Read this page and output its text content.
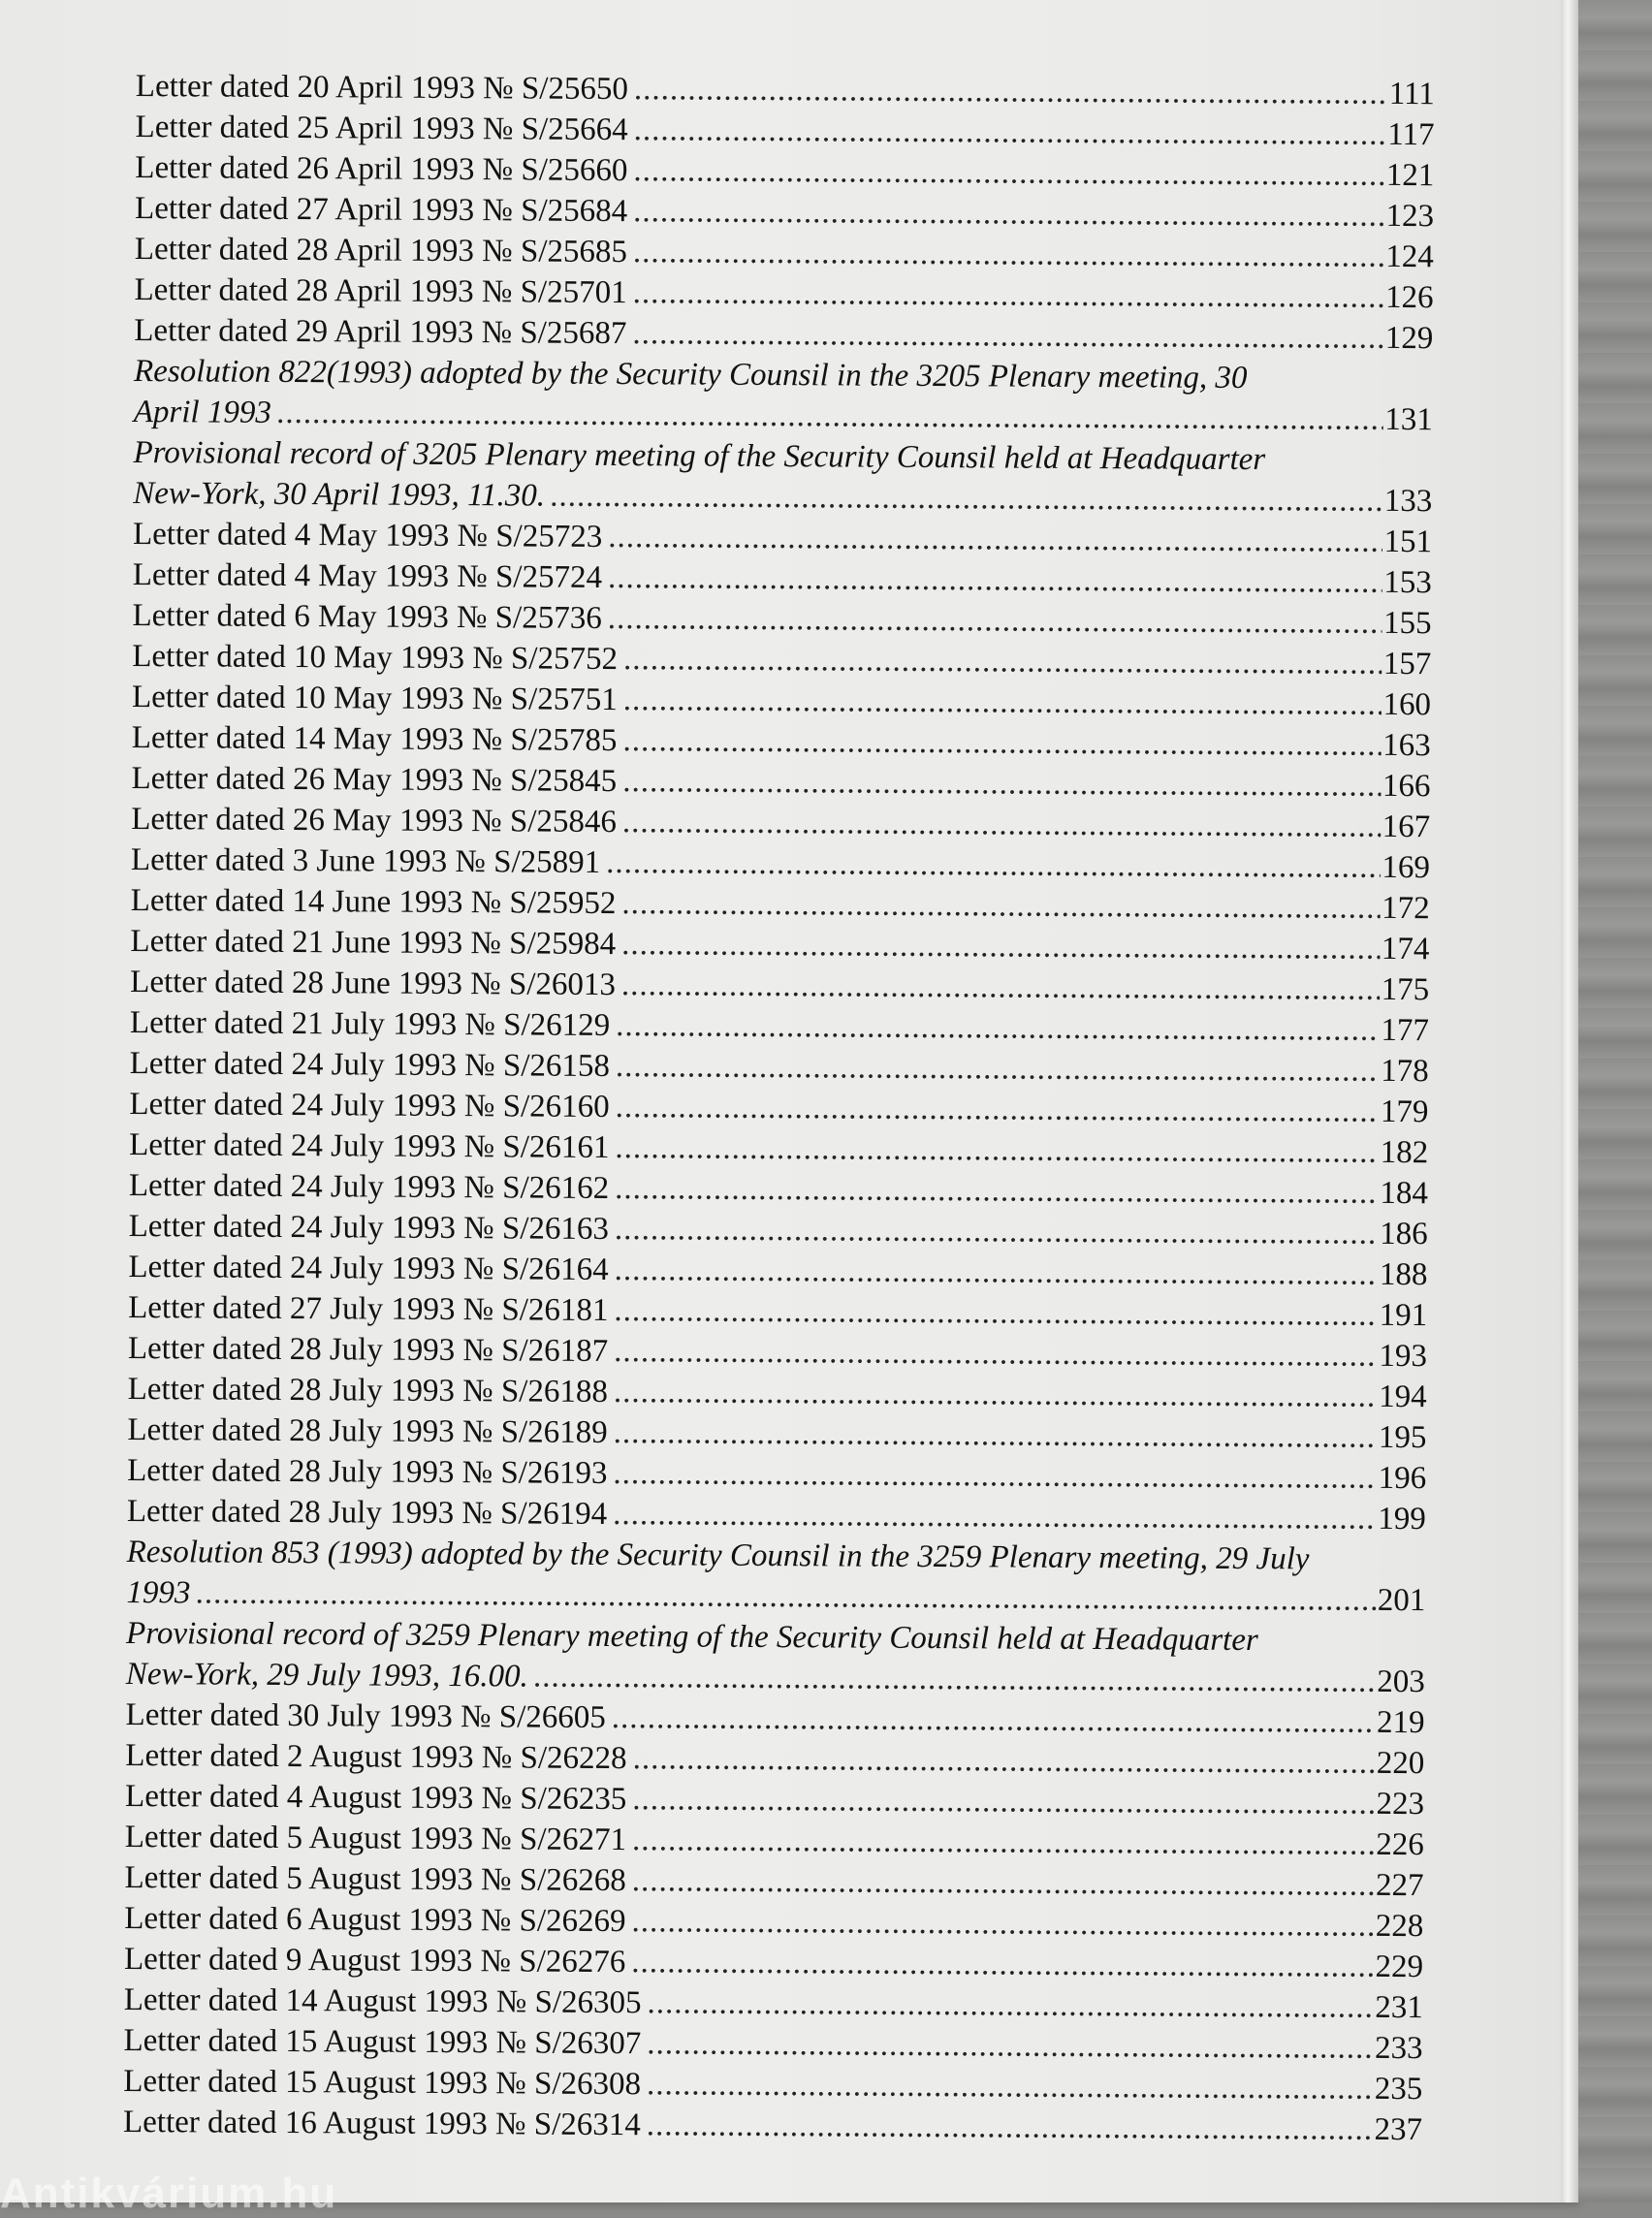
Letter dated 20 April 1993 № S/25650 .....	111
Letter dated 25 April 1993 № S/25664 .....	117
Letter dated 26 April 1993 № S/25660 .....	121
Letter dated 27 April 1993 № S/25684 .....	123
Letter dated 28 April 1993 № S/25685 .....	124
Letter dated 28 April 1993 № S/25701 .....	126
Letter dated 29 April 1993 № S/25687 .....	129
Resolution 822(1993) adopted by the Security Counsil in the 3205 Plenary meeting, 30
April 1993 .....	131
Provisional record of 3205 Plenary meeting of the Security Counsil held at Headquarter
New-York, 30 April 1993, 11.30. .....	133
Letter dated 4 May 1993 № S/25723 .....	151
Letter dated 4 May 1993 № S/25724 .....	153
Letter dated 6 May 1993 № S/25736 .....	155
Letter dated 10 May 1993 № S/25752 .....	157
Letter dated 10 May 1993 № S/25751 .....	160
Letter dated 14 May 1993 № S/25785 .....	163
Letter dated 26 May 1993 № S/25845 .....	166
Letter dated 26 May 1993 № S/25846 .....	167
Letter dated 3 June 1993 № S/25891 .....	169
Letter dated 14 June 1993 № S/25952 .....	172
Letter dated 21 June 1993 № S/25984 .....	174
Letter dated 28 June 1993 № S/26013 .....	175
Letter dated 21 July 1993 № S/26129 .....	177
Letter dated 24 July 1993 № S/26158 .....	178
Letter dated 24 July 1993 № S/26160 .....	179
Letter dated 24 July 1993 № S/26161 .....	182
Letter dated 24 July 1993 № S/26162 .....	184
Letter dated 24 July 1993 № S/26163 .....	186
Letter dated 24 July 1993 № S/26164 .....	188
Letter dated 27 July 1993 № S/26181 .....	191
Letter dated 28 July 1993 № S/26187 .....	193
Letter dated 28 July 1993 № S/26188 .....	194
Letter dated 28 July 1993 № S/26189 .....	195
Letter dated 28 July 1993 № S/26193 .....	196
Letter dated 28 July 1993 № S/26194 .....	199
Resolution 853 (1993) adopted by the Security Counsil in the 3259 Plenary meeting, 29 July
1993 .....	201
Provisional record of 3259 Plenary meeting of the Security Counsil held at Headquarter
New-York, 29 July 1993, 16.00. .....	203
Letter dated 30 July 1993 № S/26605 .....	219
Letter dated 2 August 1993 № S/26228 .....	220
Letter dated 4 August 1993 № S/26235 .....	223
Letter dated 5 August 1993 № S/26271 .....	226
Letter dated 5 August 1993 № S/26268 .....	227
Letter dated 6 August 1993 № S/26269 .....	228
Letter dated 9 August 1993 № S/26276 .....	229
Letter dated 14 August 1993 № S/26305 .....	231
Letter dated 15 August 1993 № S/26307 .....	233
Letter dated 15 August 1993 № S/26308 .....	235
Letter dated 16 August 1993 № S/26314 .....	237
Antikvárium.hu
